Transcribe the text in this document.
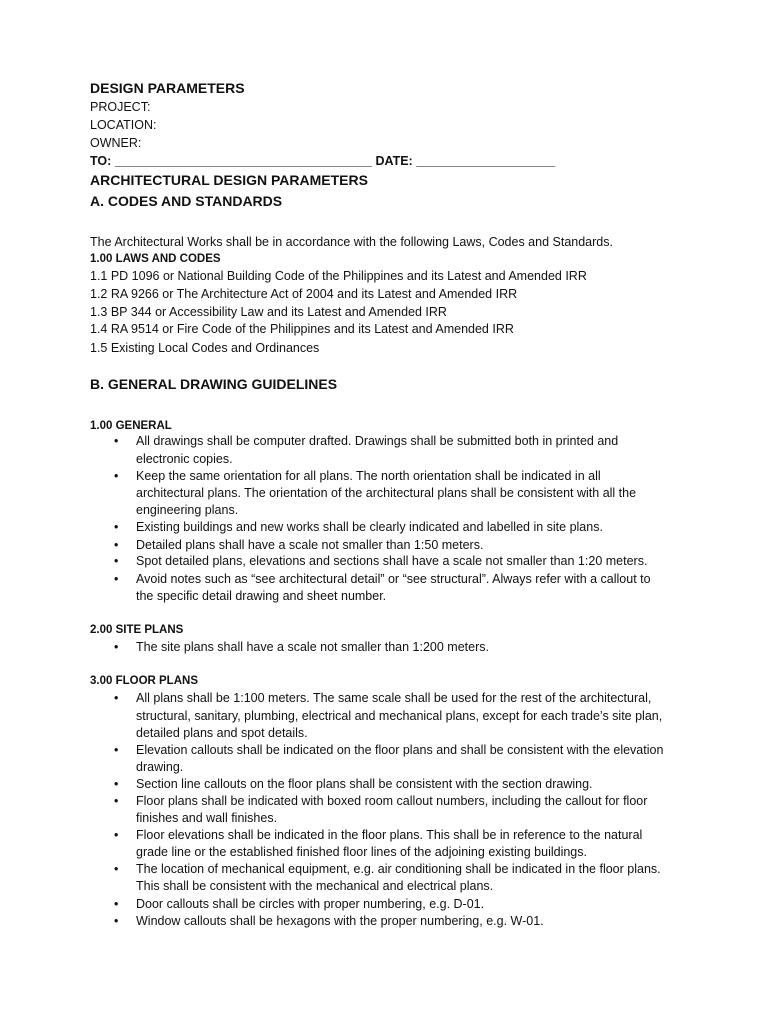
DESIGN PARAMETERS
PROJECT:
LOCATION:
OWNER:
TO: _____________________________________ DATE: ____________________
ARCHITECTURAL DESIGN PARAMETERS
A. CODES AND STANDARDS
The Architectural Works shall be in accordance with the following Laws, Codes and Standards.
1.00 LAWS AND CODES
1.1 PD 1096 or National Building Code of the Philippines and its Latest and Amended IRR
1.2 RA 9266 or The Architecture Act of 2004 and its Latest and Amended IRR
1.3 BP 344 or Accessibility Law and its Latest and Amended IRR
1.4 RA 9514 or Fire Code of the Philippines and its Latest and Amended IRR
1.5 Existing Local Codes and Ordinances
B. GENERAL DRAWING GUIDELINES
1.00 GENERAL
• All drawings shall be computer drafted. Drawings shall be submitted both in printed and
electronic copies.
• Keep the same orientation for all plans. The north orientation shall be indicated in all
architectural plans. The orientation of the architectural plans shall be consistent with all the
engineering plans.
• Existing buildings and new works shall be clearly indicated and labelled in site plans.
• Detailed plans shall have a scale not smaller than 1:50 meters.
• Spot detailed plans, elevations and sections shall have a scale not smaller than 1:20 meters.
• Avoid notes such as “see architectural detail” or “see structural”. Always refer with a callout to
the specific detail drawing and sheet number.
2.00 SITE PLANS
• The site plans shall have a scale not smaller than 1:200 meters.
3.00 FLOOR PLANS
• All plans shall be 1:100 meters. The same scale shall be used for the rest of the architectural,
structural, sanitary, plumbing, electrical and mechanical plans, except for each trade’s site plan,
detailed plans and spot details.
• Elevation callouts shall be indicated on the floor plans and shall be consistent with the elevation
drawing.
• Section line callouts on the floor plans shall be consistent with the section drawing.
• Floor plans shall be indicated with boxed room callout numbers, including the callout for floor
finishes and wall finishes.
• Floor elevations shall be indicated in the floor plans. This shall be in reference to the natural
grade line or the established finished floor lines of the adjoining existing buildings.
• The location of mechanical equipment, e.g. air conditioning shall be indicated in the floor plans.
This shall be consistent with the mechanical and electrical plans.
• Door callouts shall be circles with proper numbering, e.g. D-01.
• Window callouts shall be hexagons with the proper numbering, e.g. W-01.
